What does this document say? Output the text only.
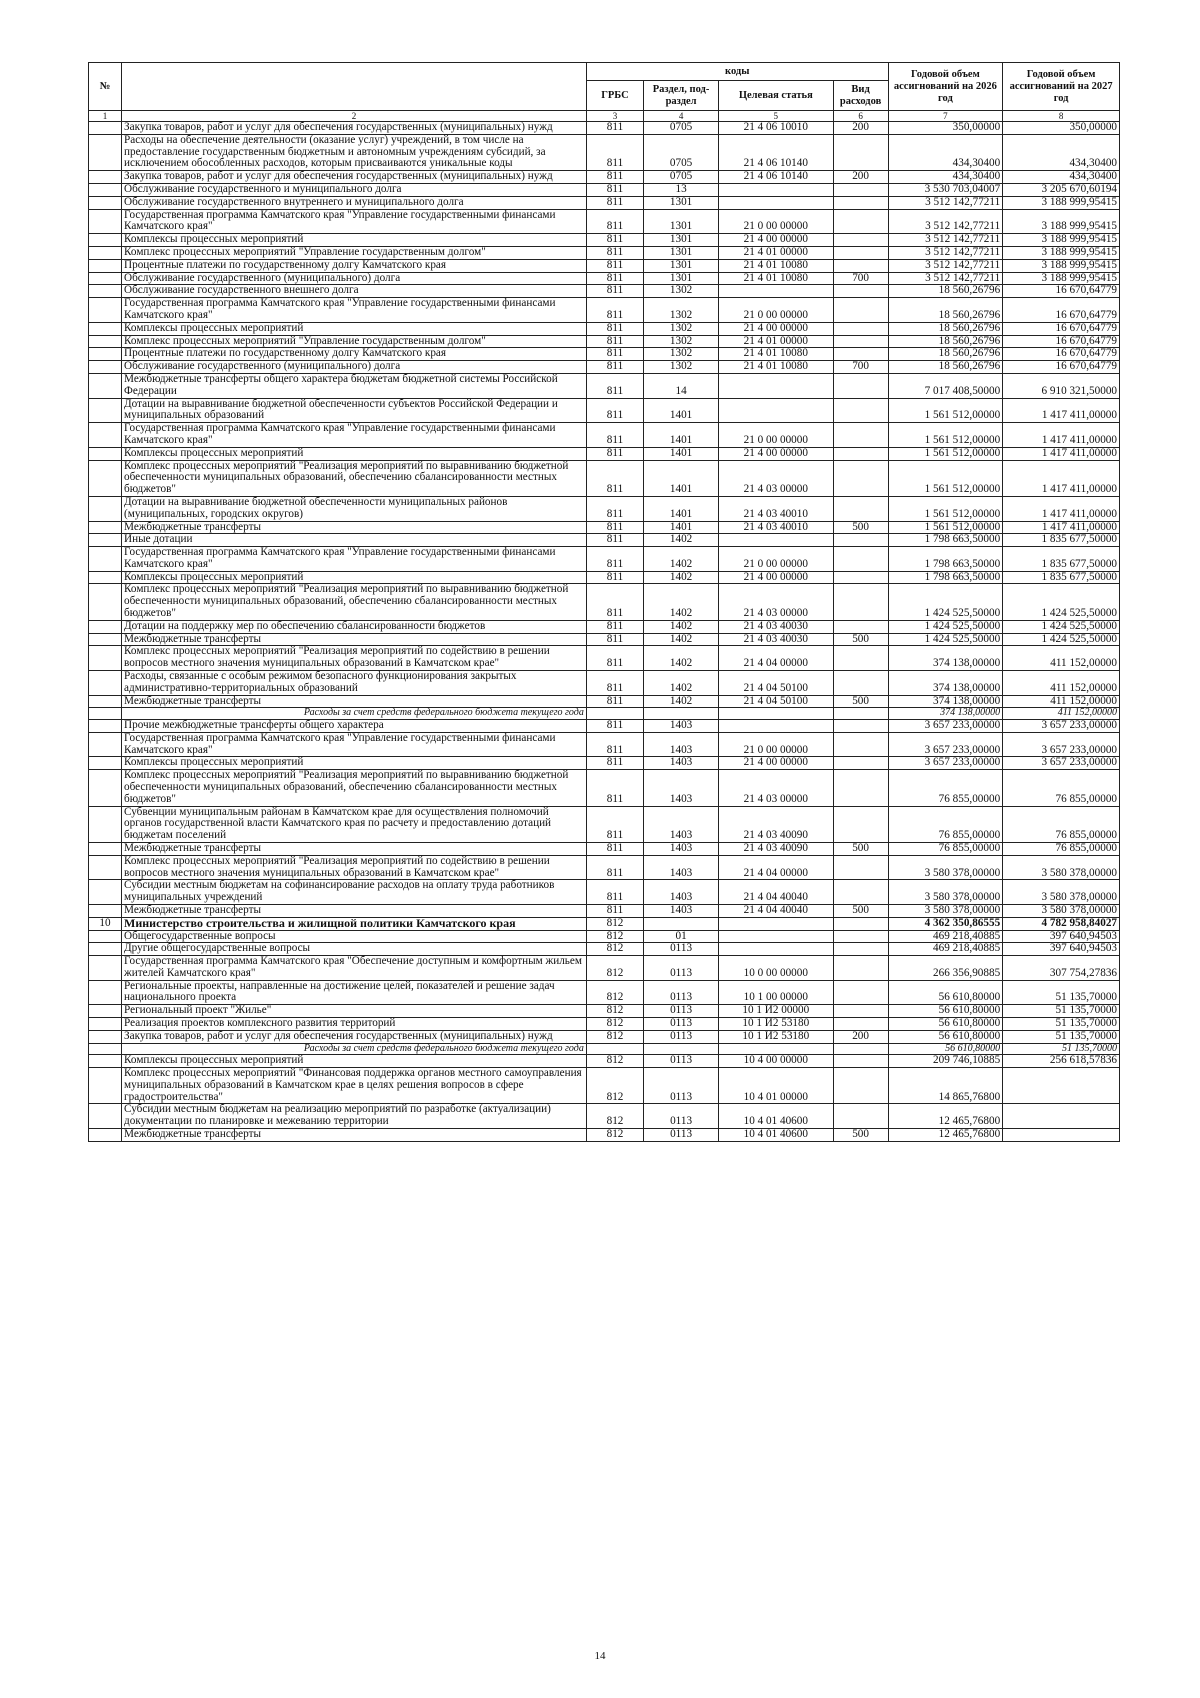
№		коды				Годовой объем ассигнований на 2026 год	Годовой объем ассигнований на 2027 год
		ГРБС	Раздел, под-раздел	Целевая статья	Вид расходов		
1	2	3	4	5	6	7	8
	Закупка товаров, работ и услуг для обеспечения государственных (муниципальных) нужд	811	0705	21 4 06 10010	200	350,00000	350,00000
	Расходы на обеспечение деятельности (оказание услуг) учреждений, в том числе на предоставление государственным бюджетным и автономным учреждениям субсидий, за исключением обособленных расходов, которым присваиваются уникальные коды	811	0705	21 4 06 10140		434,30400	434,30400
	Закупка товаров, работ и услуг для обеспечения государственных (муниципальных) нужд	811	0705	21 4 06 10140	200	434,30400	434,30400
	Обслуживание государственного и муниципального долга	811	13			3 530 703,04007	3 205 670,60194
	Обслуживание государственного внутреннего и муниципального долга	811	1301			3 512 142,77211	3 188 999,95415
	Государственная программа Камчатского края "Управление государственными финансами Камчатского края"	811	1301	21 0 00 00000		3 512 142,77211	3 188 999,95415
	Комплексы процессных мероприятий	811	1301	21 4 00 00000		3 512 142,77211	3 188 999,95415
	Комплекс процессных мероприятий "Управление государственным долгом"	811	1301	21 4 01 00000		3 512 142,77211	3 188 999,95415
	Процентные платежи по государственному долгу Камчатского края	811	1301	21 4 01 10080		3 512 142,77211	3 188 999,95415
	Обслуживание государственного (муниципального) долга	811	1301	21 4 01 10080	700	3 512 142,77211	3 188 999,95415
	Обслуживание государственного внешнего долга	811	1302			18 560,26796	16 670,64779
	Государственная программа Камчатского края "Управление государственными финансами Камчатского края"	811	1302	21 0 00 00000		18 560,26796	16 670,64779
	Комплексы процессных мероприятий	811	1302	21 4 00 00000		18 560,26796	16 670,64779
	Комплекс процессных мероприятий "Управление государственным долгом"	811	1302	21 4 01 00000		18 560,26796	16 670,64779
	Процентные платежи по государственному долгу Камчатского края	811	1302	21 4 01 10080		18 560,26796	16 670,64779
	Обслуживание государственного (муниципального) долга	811	1302	21 4 01 10080	700	18 560,26796	16 670,64779
	Межбюджетные трансферты общего характера бюджетам бюджетной системы Российской Федерации	811	14			7 017 408,50000	6 910 321,50000
	Дотации на выравнивание бюджетной обеспеченности субъектов Российской Федерации и муниципальных образований	811	1401			1 561 512,00000	1 417 411,00000
	Государственная программа Камчатского края "Управление государственными финансами Камчатского края"	811	1401	21 0 00 00000		1 561 512,00000	1 417 411,00000
	Комплексы процессных мероприятий	811	1401	21 4 00 00000		1 561 512,00000	1 417 411,00000
	Комплекс процессных мероприятий "Реализация мероприятий по выравниванию бюджетной обеспеченности муниципальных образований, обеспечению сбалансированности местных бюджетов"	811	1401	21 4 03 00000		1 561 512,00000	1 417 411,00000
	Дотации на выравнивание бюджетной обеспеченности муниципальных районов (муниципальных, городских округов)	811	1401	21 4 03 40010		1 561 512,00000	1 417 411,00000
	Межбюджетные трансферты	811	1401	21 4 03 40010	500	1 561 512,00000	1 417 411,00000
	Иные дотации	811	1402			1 798 663,50000	1 835 677,50000
	Государственная программа Камчатского края "Управление государственными финансами Камчатского края"	811	1402	21 0 00 00000		1 798 663,50000	1 835 677,50000
	Комплексы процессных мероприятий	811	1402	21 4 00 00000		1 798 663,50000	1 835 677,50000
	Комплекс процессных мероприятий "Реализация мероприятий по выравниванию бюджетной обеспеченности муниципальных образований, обеспечению сбалансированности местных бюджетов"	811	1402	21 4 03 00000		1 424 525,50000	1 424 525,50000
	Дотации на поддержку мер по обеспечению сбалансированности бюджетов	811	1402	21 4 03 40030		1 424 525,50000	1 424 525,50000
	Межбюджетные трансферты	811	1402	21 4 03 40030	500	1 424 525,50000	1 424 525,50000
	Комплекс процессных мероприятий "Реализация мероприятий по содействию в решении вопросов местного значения муниципальных образований в Камчатском крае"	811	1402	21 4 04 00000		374 138,00000	411 152,00000
	Расходы, связанные с особым режимом безопасного функционирования закрытых административно-территориальных образований	811	1402	21 4 04 50100		374 138,00000	411 152,00000
	Межбюджетные трансферты	811	1402	21 4 04 50100	500	374 138,00000	411 152,00000
	Расходы за счет средств федерального бюджета текущего года					374 138,00000	411 152,00000
	Прочие межбюджетные трансферты общего характера	811	1403			3 657 233,00000	3 657 233,00000
	Государственная программа Камчатского края "Управление государственными финансами Камчатского края"	811	1403	21 0 00 00000		3 657 233,00000	3 657 233,00000
	Комплексы процессных мероприятий	811	1403	21 4 00 00000		3 657 233,00000	3 657 233,00000
	Комплекс процессных мероприятий "Реализация мероприятий по выравниванию бюджетной обеспеченности муниципальных образований, обеспечению сбалансированности местных бюджетов"	811	1403	21 4 03 00000		76 855,00000	76 855,00000
	Субвенции муниципальным районам в Камчатском крае для осуществления полномочий органов государственной власти Камчатского края по расчету и предоставлению дотаций бюджетам поселений	811	1403	21 4 03 40090		76 855,00000	76 855,00000
	Межбюджетные трансферты	811	1403	21 4 03 40090	500	76 855,00000	76 855,00000
	Комплекс процессных мероприятий "Реализация мероприятий по содействию в решении вопросов местного значения муниципальных образований в Камчатском крае"	811	1403	21 4 04 00000		3 580 378,00000	3 580 378,00000
	Субсидии местным бюджетам на софинансирование расходов на оплату труда работников муниципальных учреждений	811	1403	21 4 04 40040		3 580 378,00000	3 580 378,00000
	Межбюджетные трансферты	811	1403	21 4 04 40040	500	3 580 378,00000	3 580 378,00000
10	Министерство строительства и жилищной политики Камчатского края	812				4 362 350,86555	4 782 958,84027
	Общегосударственные вопросы	812	01			469 218,40885	397 640,94503
	Другие общегосударственные вопросы	812	0113			469 218,40885	397 640,94503
	Государственная программа Камчатского края "Обеспечение доступным и комфортным жильем жителей Камчатского края"	812	0113	10 0 00 00000		266 356,90885	307 754,27836
	Региональные проекты, направленные на достижение целей, показателей и решение задач национального проекта	812	0113	10 1 00 00000		56 610,80000	51 135,70000
	Региональный проект "Жилье"	812	0113	10 1 И2 00000		56 610,80000	51 135,70000
	Реализация проектов комплексного развития территорий	812	0113	10 1 И2 53180		56 610,80000	51 135,70000
	Закупка товаров, работ и услуг для обеспечения государственных (муниципальных) нужд	812	0113	10 1 И2 53180	200	56 610,80000	51 135,70000
	Расходы за счет средств федерального бюджета текущего года					56 610,80000	51 135,70000
	Комплексы процессных мероприятий	812	0113	10 4 00 00000		209 746,10885	256 618,57836
	Комплекс процессных мероприятий "Финансовая поддержка органов местного самоуправления муниципальных образований в Камчатском крае в целях решения вопросов в сфере градостроительства"	812	0113	10 4 01 00000		14 865,76800	
	Субсидии местным бюджетам на реализацию мероприятий по разработке (актуализации) документации по планировке и межеванию территории	812	0113	10 4 01 40600		12 465,76800	
	Межбюджетные трансферты	812	0113	10 4 01 40600	500	12 465,76800	
14
